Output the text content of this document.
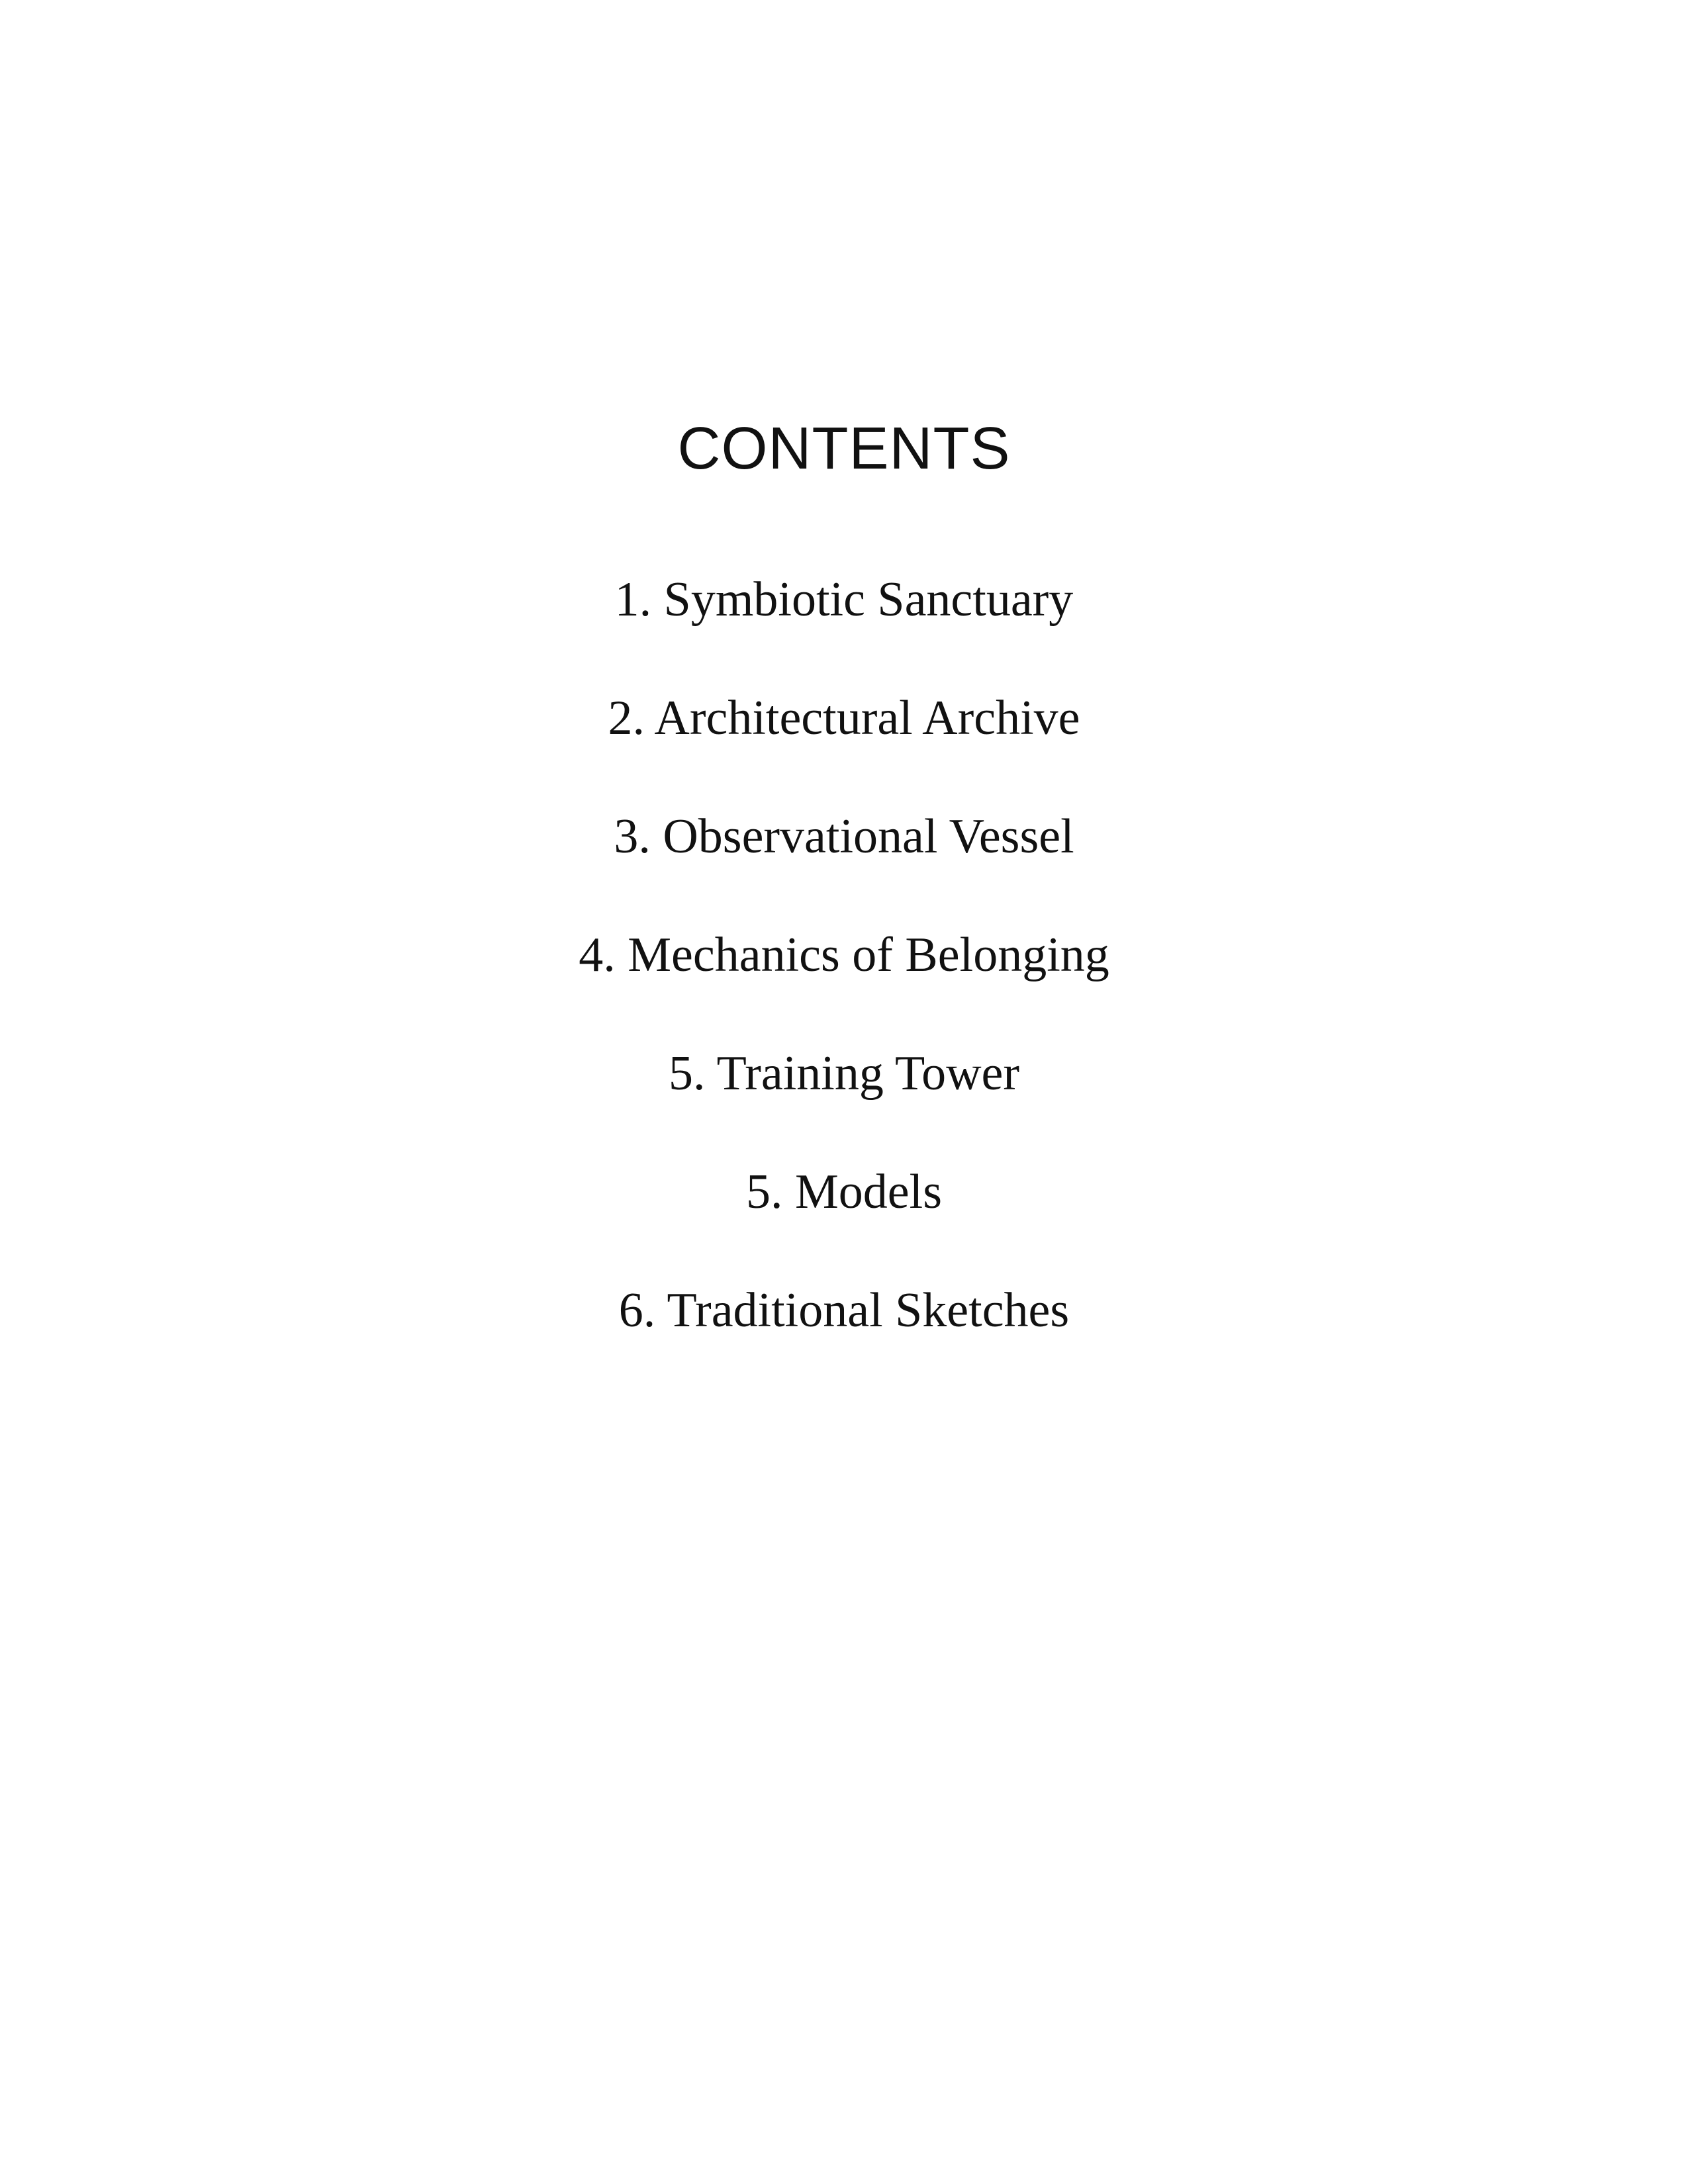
CONTENTS
1. Symbiotic Sanctuary
2. Architectural Archive
3. Observational Vessel
4. Mechanics of Belonging
5. Training Tower
5. Models
6. Traditional Sketches
